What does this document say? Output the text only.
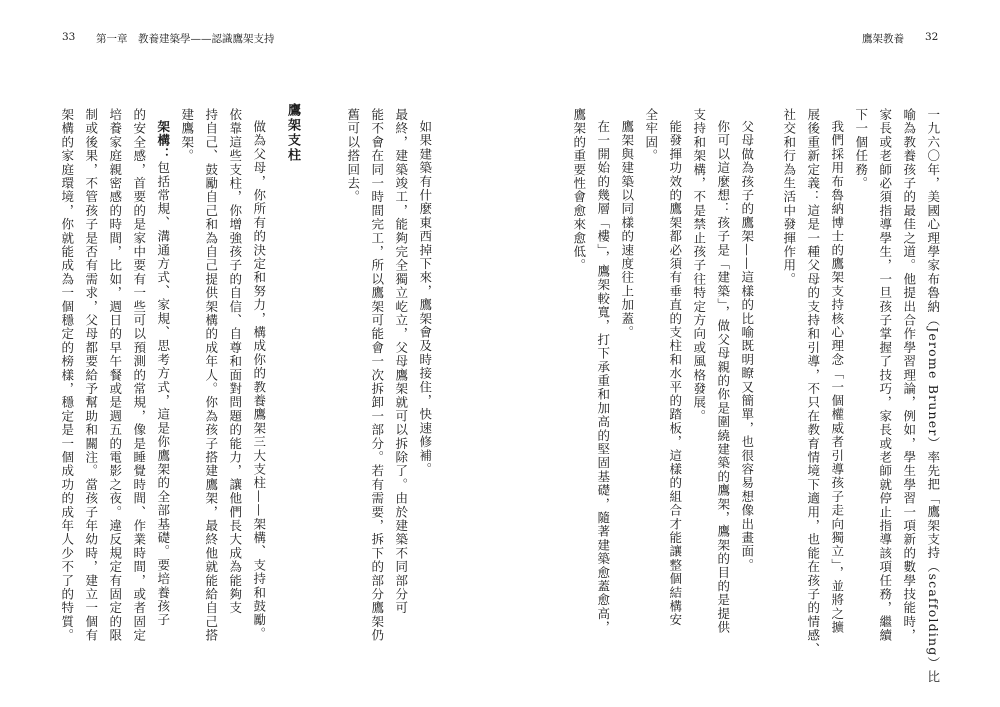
33 第一章　教養建築學——認識鷹架支持	鷹架教養 32
一九六〇年，美國心理學家布魯納（Jerome Bruner）率先把「鷹架支持（scaffolding）比
喻為教養孩子的最佳之道。他提出合作學習理論，例如，學生學習一項新的數學技能時，
家長或老師必須指導學生，一旦孩子掌握了技巧，家長或老師就停止指導該項任務，繼續
下一個任務。
我們採用布魯納博士的鷹架支持核心理念「一個權威者引導孩子走向獨立」，並將之擴
展後重新定義：這是一種父母的支持和引導，不只在教育情境下適用，也能在孩子的情感、
社交和行為生活中發揮作用。
父母做為孩子的鷹架——這樣的比喻既明瞭又簡單，也很容易想像出畫面。
你可以這麼想：孩子是「建築」，做父母親的你是圍繞建築的鷹架，鷹架的目的是提供
支持和架構，不是禁止孩子往特定方向或風格發展。
能發揮功效的鷹架都必須有垂直的支柱和水平的踏板，這樣的組合才能讓整個結構安
全牢固。
鷹架與建築以同樣的速度往上加蓋。
在一開始的幾層「樓」，鷹架較寬，打下承重和加高的堅固基礎，隨著建築愈蓋愈高，
鷹架的重要性會愈來愈低。
如果建築有什麼東西掉下來，鷹架會及時接住，快速修補。
最終，建築竣工，能夠完全獨立屹立，父母鷹架就可以拆除了。由於建築不同部分可
能不會在同一時間完工，所以鷹架可能會一次拆卸一部分。若有需要，拆下的部分鷹架仍
舊可以搭回去。
鷹架支柱
做為父母，你所有的決定和努力，構成你的教養鷹架三大支柱——架構、支持和鼓勵。
依靠這些支柱，你增強孩子的自信、自尊和面對問題的能力，讓他們長大成為能夠支
持自己、鼓勵自己和為自己提供架構的成年人。你為孩子搭建鷹架，最終他就能給自己搭
建鷹架。
架構：包括常規、溝通方式、家規、思考方式，這是你鷹架的全部基礎。要培養孩子
的安全感，首要的是家中要有一些可以預測的常規，像是睡覺時間、作業時間，或者固定
培養家庭親密感的時間，比如，週日的早午餐或是週五的電影之夜。違反規定有固定的限
制或後果，不管孩子是否有需求，父母都要給予幫助和關注。當孩子年幼時，建立一個有
架構的家庭環境，你就能成為一個穩定的榜樣，穩定是一個成功的成年人少不了的特質。
